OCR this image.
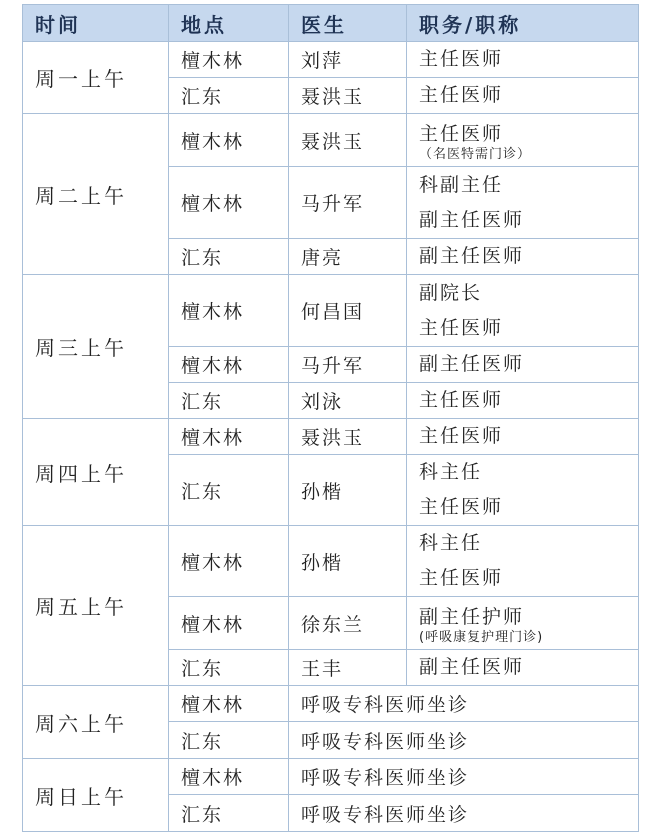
时间	地点	医生	职务/职称
周一上午	檀木林	刘萍	主任医师

	汇东	聂洪玉	主任医师

周二上午	檀木林	聂洪玉	主任医师
（名医特需门诊）

	檀木林	马升军	科副主任
副主任医师

	汇东	唐亮	副主任医师

周三上午	檀木林	何昌国	副院长
主任医师

	檀木林	马升军	副主任医师

	汇东	刘泳	主任医师

周四上午	檀木林	聂洪玉	主任医师

	汇东	孙楷	科主任
主任医师

周五上午	檀木林	孙楷	科主任
主任医师

	檀木林	徐东兰	副主任护师
(呼吸康复护理门诊)

	汇东	王丰	副主任医师

周六上午	檀木林	呼吸专科医师坐诊	
	汇东	呼吸专科医师坐诊	
周日上午	檀木林	呼吸专科医师坐诊	
	汇东	呼吸专科医师坐诊	
